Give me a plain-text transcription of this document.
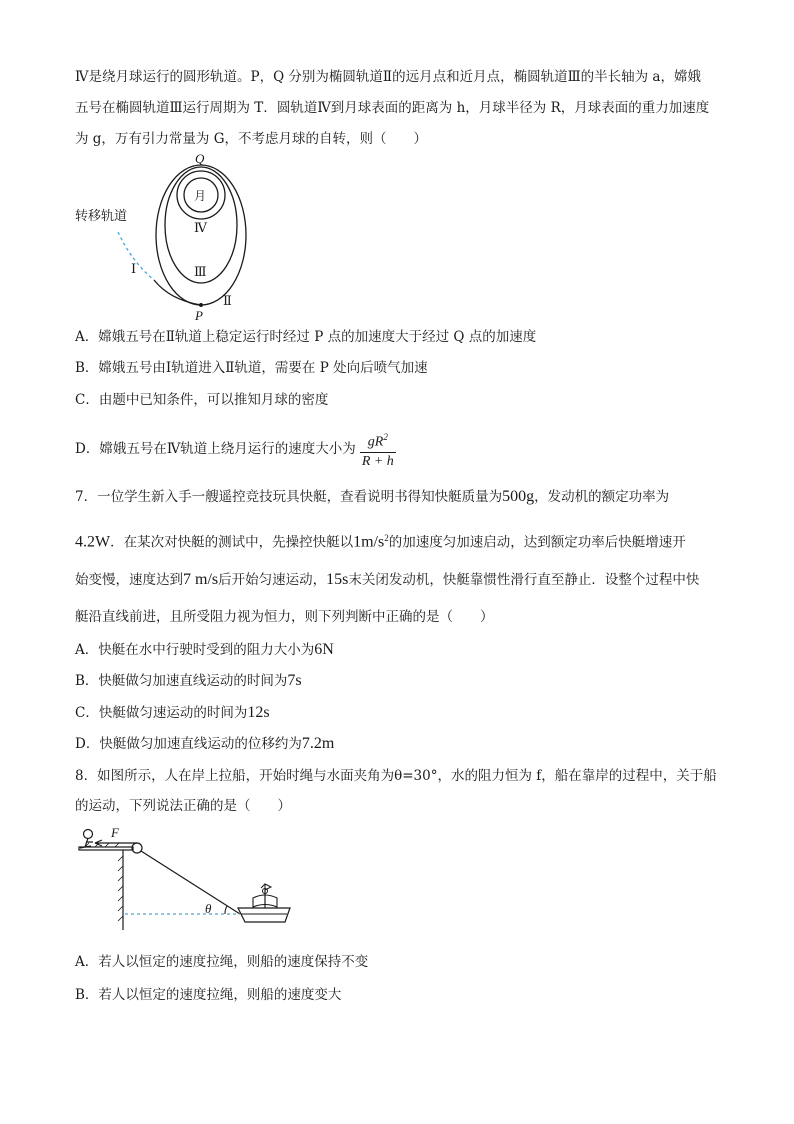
Ⅳ是绕月球运行的圆形轨道。P，Q 分别为椭圆轨道Ⅱ的远月点和近月点，椭圆轨道Ⅲ的半长轴为 a，嫦娥
五号在椭圆轨道Ⅲ运行周期为 T．圆轨道Ⅳ到月球表面的距离为 h，月球半径为 R，月球表面的重力加速度
为 g，万有引力常量为 G，不考虑月球的自转，则（　　）
Q
月
Ⅳ
Ⅲ
Ⅱ
Ⅰ
P
转移轨道
A．嫦娥五号在Ⅱ轨道上稳定运行时经过 P 点的加速度大于经过 Q 点的加速度
B．嫦娥五号由Ⅰ轨道进入Ⅱ轨道，需要在 P 处向后喷气加速
C．由题中已知条件，可以推知月球的密度
D．嫦娥五号在Ⅳ轨道上绕月运行的速度大小为 $\frac{gR^2}{R + h}$
7．一位学生新入手一艘遥控竞技玩具快艇，查看说明书得知快艇质量为500g，发动机的额定功率为
4.2W．在某次对快艇的测试中，先操控快艇以$1m/s^2$的加速度匀加速启动，达到额定功率后快艇增速开
始变慢，速度达到7 m/s后开始匀速运动，15s末关闭发动机，快艇靠惯性滑行直至静止．设整个过程中快
艇沿直线前进，且所受阻力视为恒力，则下列判断中正确的是（　　）
A．快艇在水中行驶时受到的阻力大小为6N
B．快艇做匀加速直线运动的时间为7s
C．快艇做匀速运动的时间为12s
D．快艇做匀加速直线运动的位移约为7.2m
8．如图所示，人在岸上拉船，开始时绳与水面夹角为θ=30°，水的阻力恒为 f，船在靠岸的过程中，关于船
的运动，下列说法正确的是（　　）
F
θ
A．若人以恒定的速度拉绳，则船的速度保持不变
B．若人以恒定的速度拉绳，则船的速度变大
